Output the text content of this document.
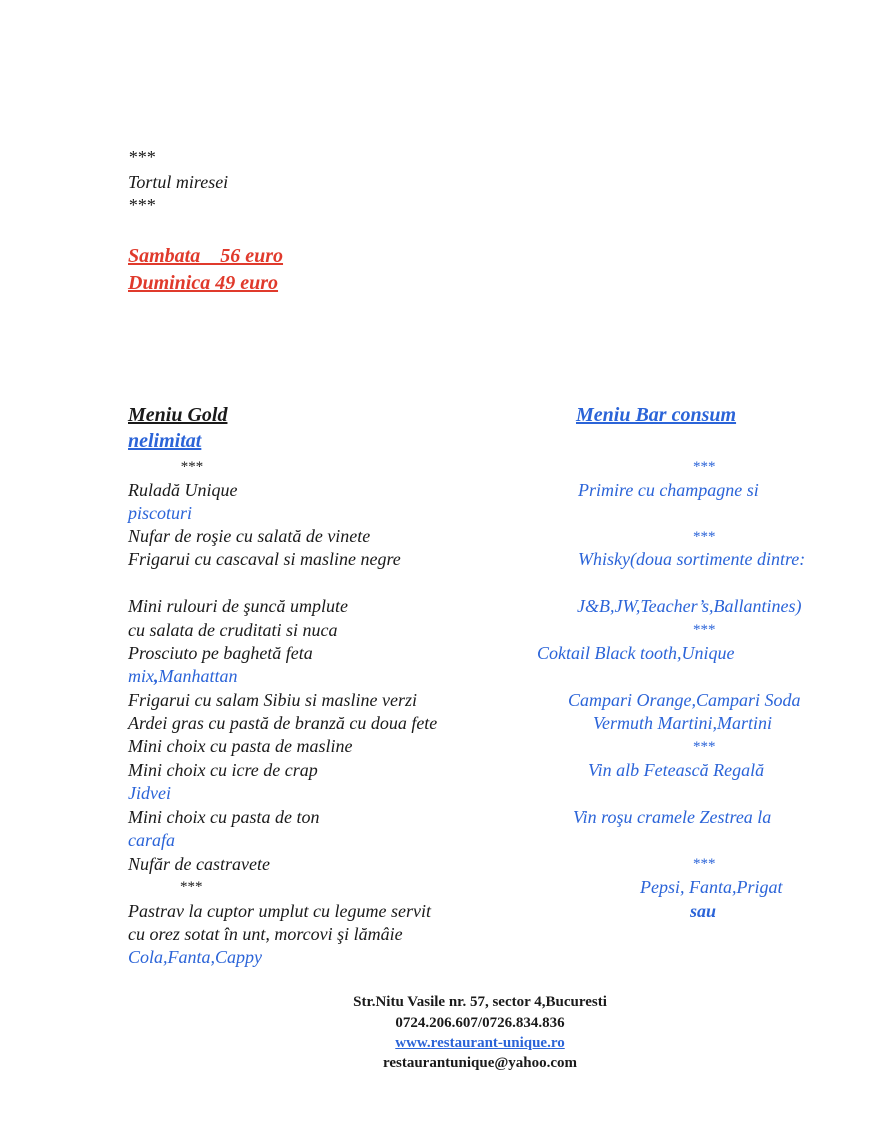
***
Tortul miresei
***
Sambata    56 euro
Duminica 49 euro
Meniu Gold
nelimitat
***
Ruladă Unique
piscoturi
Nufar de roşie cu salată de vinete
Frigarui cu cascaval si masline negre
Mini rulouri de şuncă umplute
cu salata de cruditati si nuca
Prosciuto pe baghetă feta
mix,Manhattan
Frigarui cu salam Sibiu si masline verzi
Ardei gras cu pastă de branză cu doua fete
Mini choix cu pasta de masline
Mini choix cu icre de crap
Jidvei
Mini choix cu pasta de ton
carafa
Nufăr de castravete
***
Pastrav la cuptor umplut cu legume servit
cu orez sotat în unt, morcovi şi lămâie
Cola,Fanta,Cappy
Meniu Bar consum
***
Primire cu champagne si
***
Whisky(doua sortimente dintre:
J&B,JW,Teacher’s,Ballantines)
***
Coktail Black tooth,Unique
Campari Orange,Campari Soda
Vermuth Martini,Martini
***
Vin alb Fetească Regală
Vin roşu cramele Zestrea la
***
Pepsi, Fanta,Prigat
sau
Str.Nitu Vasile nr. 57, sector 4,Bucuresti
0724.206.607/0726.834.836
www.restaurant-unique.ro
restaurantunique@yahoo.com
